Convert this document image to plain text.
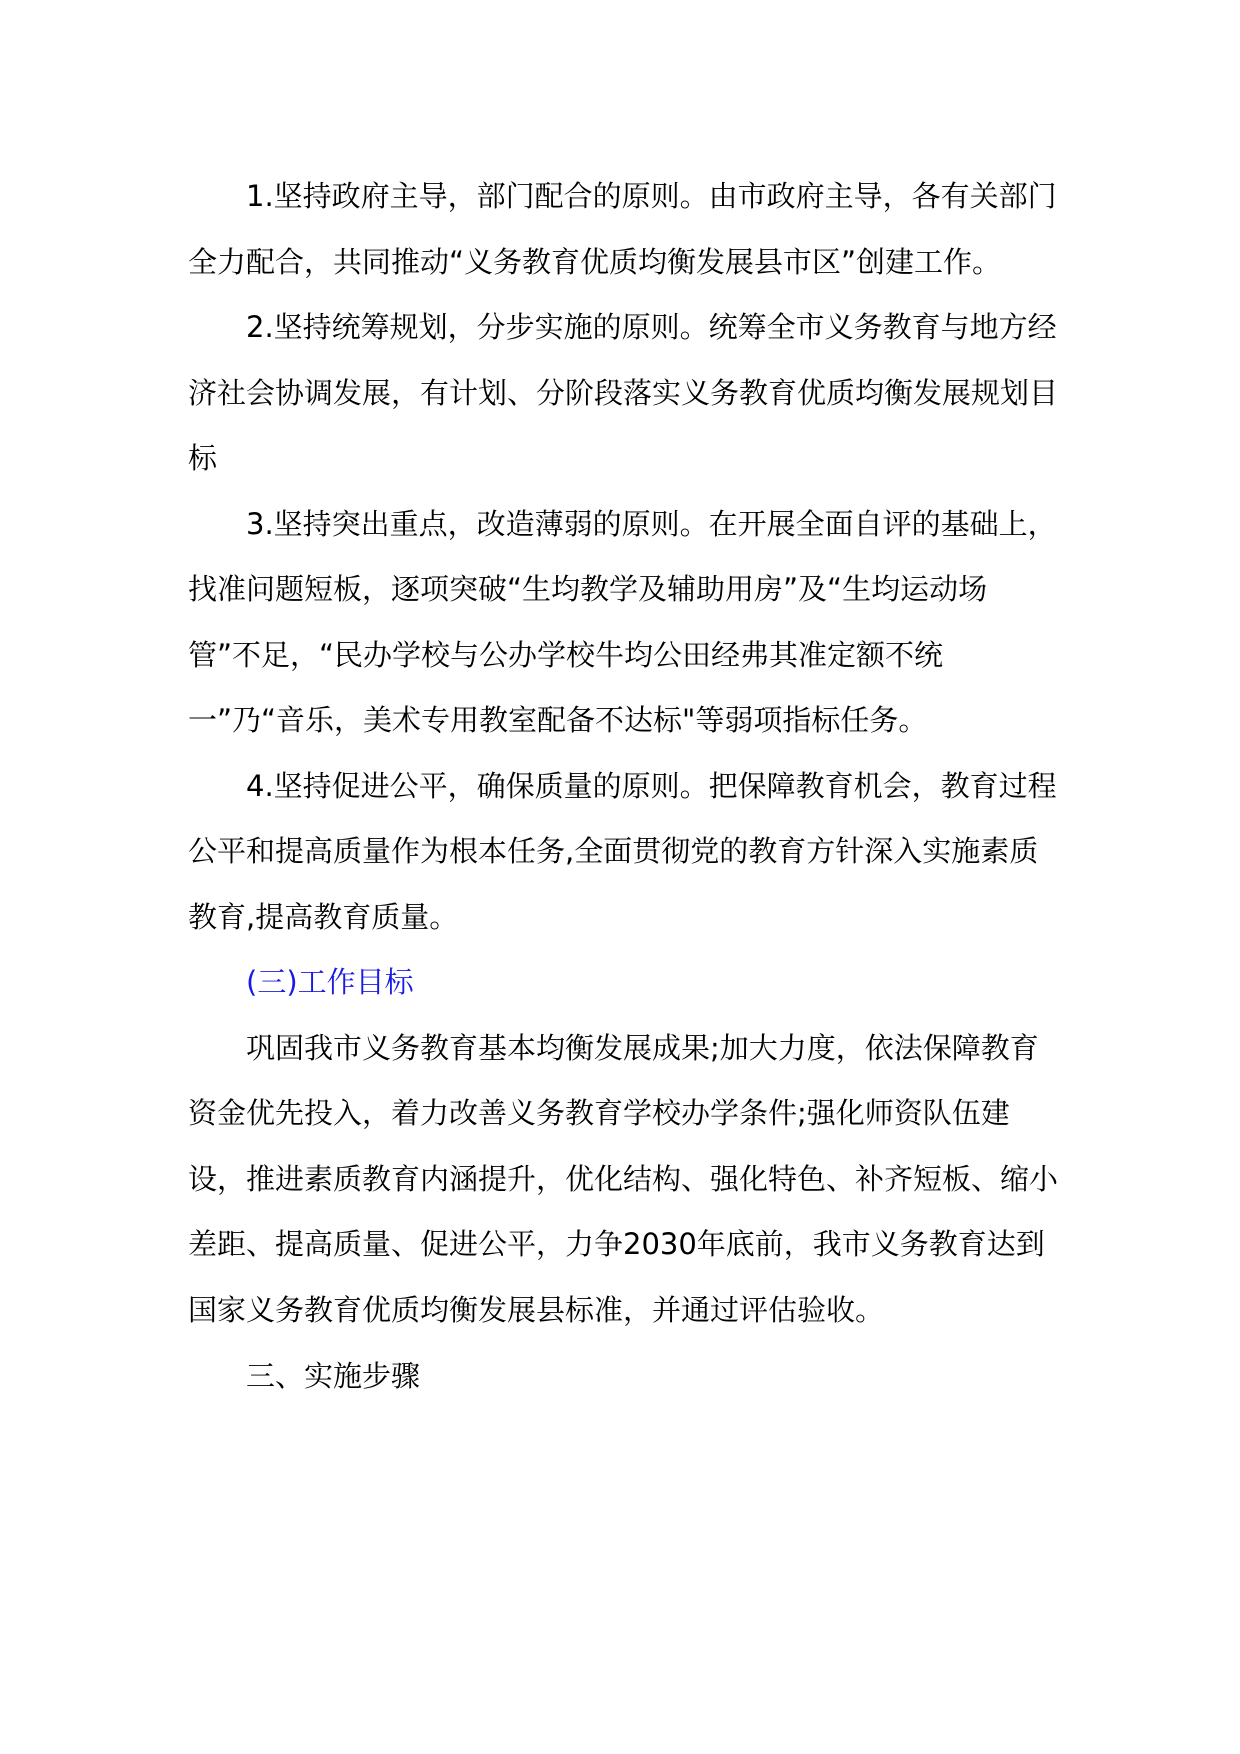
1.坚持政府主导，部门配合的原则。由市政府主导，各有关部门全力配合，共同推动“义务教育优质均衡发展县市区”创建工作。

2.坚持统筹规划，分步实施的原则。统筹全市义务教育与地方经济社会协调发展，有计划、分阶段落实义务教育优质均衡发展规划目标

3.坚持突出重点，改造薄弱的原则。在开展全面自评的基础上，找准问题短板，逐项突破“生均教学及辅助用房”及“生均运动场管”不足，“民办学校与公办学校牛均公田经弗其准定额不统一”乃“音乐，美术专用教室配备不达标"等弱项指标任务。

4.坚持促进公平，确保质量的原则。把保障教育机会，教育过程公平和提高质量作为根本任务,全面贯彻党的教育方针深入实施素质教育,提高教育质量。

(三)工作目标

巩固我市义务教育基本均衡发展成果;加大力度，依法保障教育资金优先投入，着力改善义务教育学校办学条件;强化师资队伍建设，推进素质教育内涵提升，优化结构、强化特色、补齐短板、缩小差距、提高质量、促进公平，力争2030年底前，我市义务教育达到国家义务教育优质均衡发展县标准，并通过评估验收。

三、实施步骤
